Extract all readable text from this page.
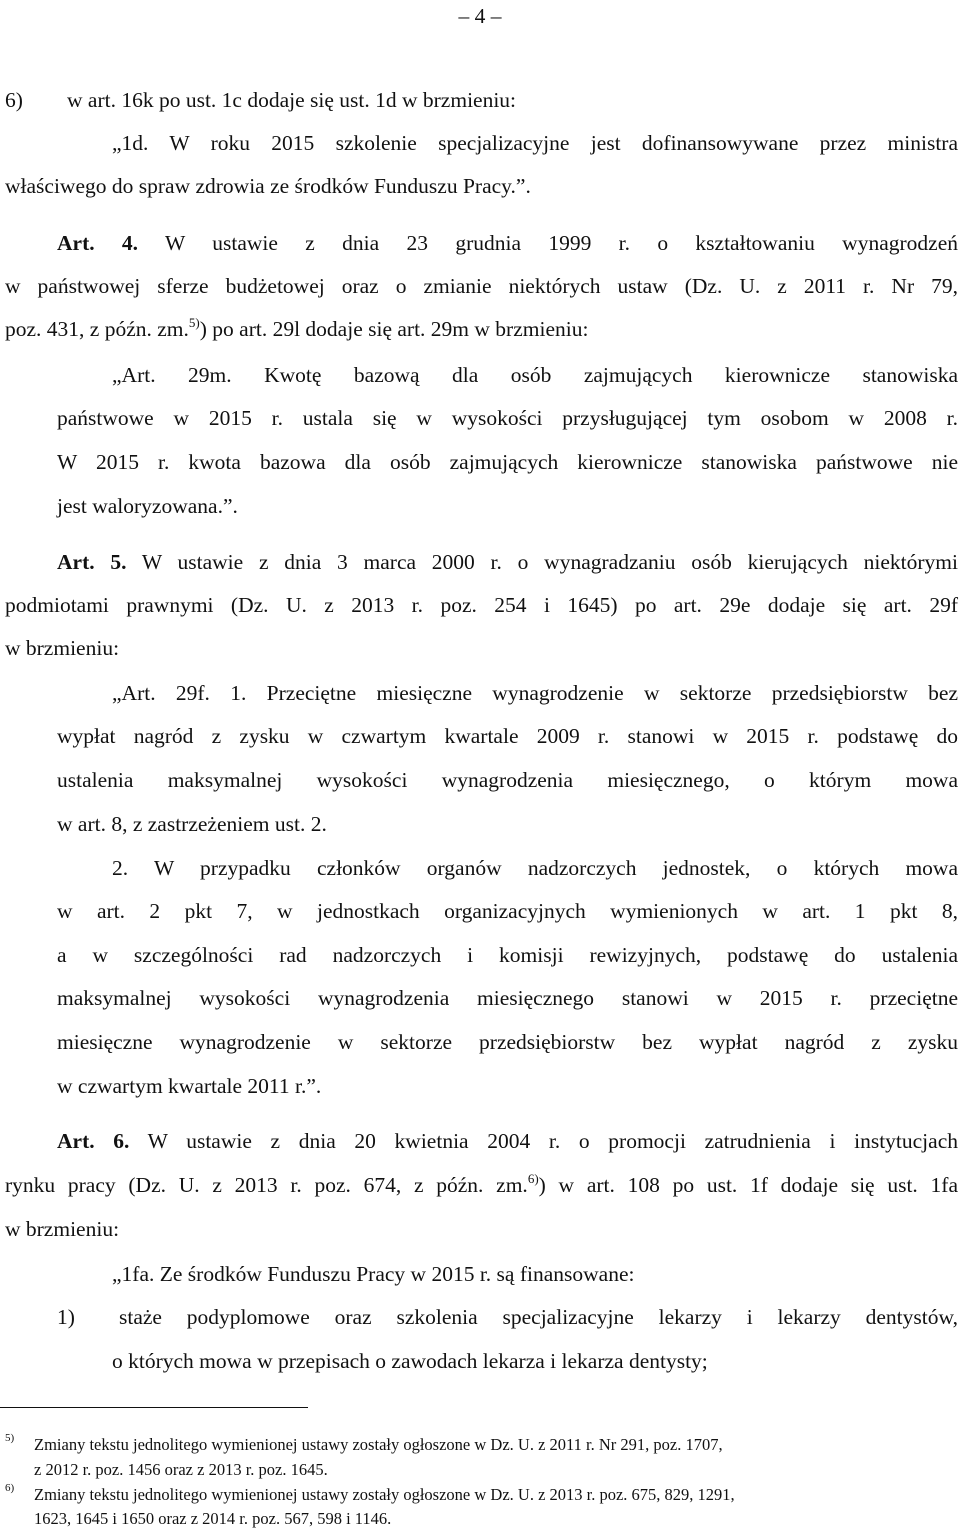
– 4 –
6) w art. 16k po ust. 1c dodaje się ust. 1d w brzmieniu:
„1d. W roku 2015 szkolenie specjalizacyjne jest dofinansowywane przez ministra
właściwego do spraw zdrowia ze środków Funduszu Pracy.”.
Art. 4. W ustawie z dnia 23 grudnia 1999 r. o kształtowaniu wynagrodzeń
w państwowej sferze budżetowej oraz o zmianie niektórych ustaw (Dz. U. z 2011 r. Nr 79,
poz. 431, z późn. zm.$^{5)}$) po art. 29l dodaje się art. 29m w brzmieniu:
„Art. 29m. Kwotę bazową dla osób zajmujących kierownicze stanowiska
państwowe w 2015 r. ustala się w wysokości przysługującej tym osobom w 2008 r.
W 2015 r. kwota bazowa dla osób zajmujących kierownicze stanowiska państwowe nie
jest waloryzowana.”.
Art. 5. W ustawie z dnia 3 marca 2000 r. o wynagradzaniu osób kierujących niektórymi
podmiotami prawnymi (Dz. U. z 2013 r. poz. 254 i 1645) po art. 29e dodaje się art. 29f
w brzmieniu:
„Art. 29f. 1. Przeciętne miesięczne wynagrodzenie w sektorze przedsiębiorstw bez
wypłat nagród z zysku w czwartym kwartale 2009 r. stanowi w 2015 r. podstawę do
ustalenia maksymalnej wysokości wynagrodzenia miesięcznego, o którym mowa
w art. 8, z zastrzeżeniem ust. 2.
2. W przypadku członków organów nadzorczych jednostek, o których mowa
w art. 2 pkt 7, w jednostkach organizacyjnych wymienionych w art. 1 pkt 8,
a w szczególności rad nadzorczych i komisji rewizyjnych, podstawę do ustalenia
maksymalnej wysokości wynagrodzenia miesięcznego stanowi w 2015 r. przeciętne
miesięczne wynagrodzenie w sektorze przedsiębiorstw bez wypłat nagród z zysku
w czwartym kwartale 2011 r.”.
Art. 6. W ustawie z dnia 20 kwietnia 2004 r. o promocji zatrudnienia i instytucjach
rynku pracy (Dz. U. z 2013 r. poz. 674, z późn. zm.$^{6)}$) w art. 108 po ust. 1f dodaje się ust. 1fa
w brzmieniu:
„1fa. Ze środków Funduszu Pracy w 2015 r. są finansowane:
1) staże podyplomowe oraz szkolenia specjalizacyjne lekarzy i lekarzy dentystów,
o których mowa w przepisach o zawodach lekarza i lekarza dentysty;
5) Zmiany tekstu jednolitego wymienionej ustawy zostały ogłoszone w Dz. U. z 2011 r. Nr 291, poz. 1707,
z 2012 r. poz. 1456 oraz z 2013 r. poz. 1645.
6) Zmiany tekstu jednolitego wymienionej ustawy zostały ogłoszone w Dz. U. z 2013 r. poz. 675, 829, 1291,
1623, 1645 i 1650 oraz z 2014 r. poz. 567, 598 i 1146.
